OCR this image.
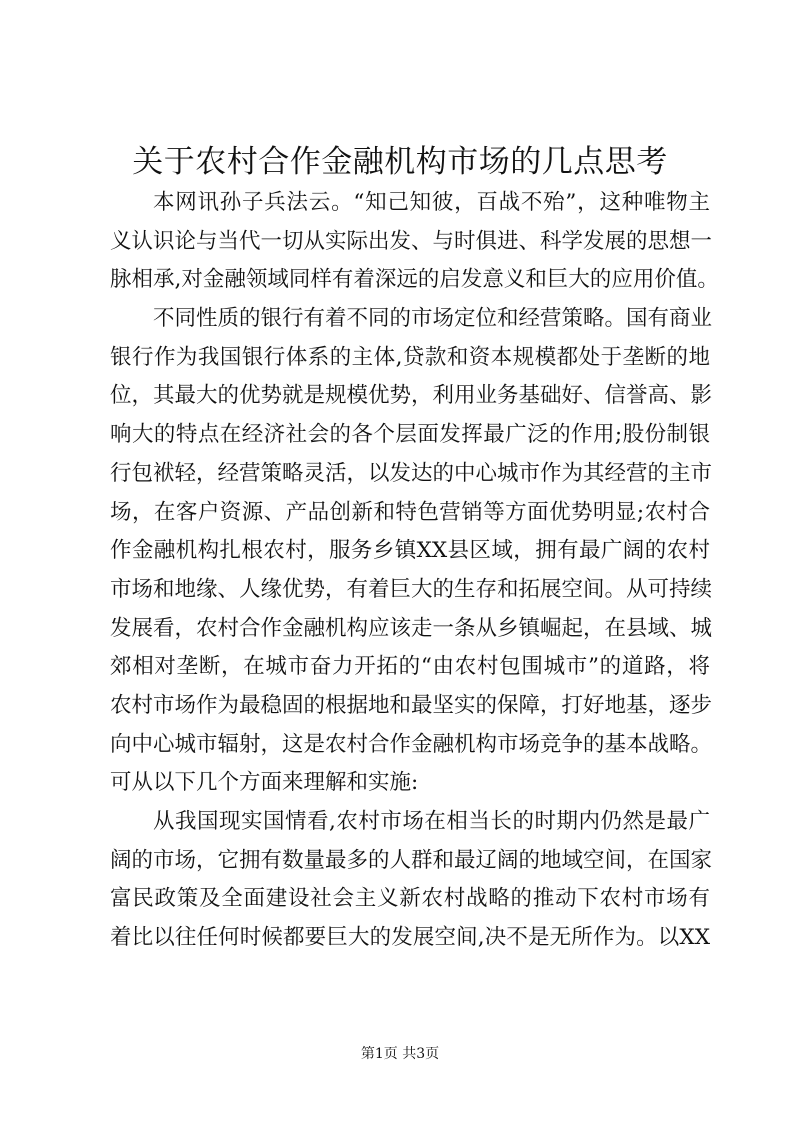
关于农村合作金融机构市场的几点思考
本网讯孙子兵法云。“知己知彼，百战不殆”，这种唯物主
义认识论与当代一切从实际出发、与时俱进、科学发展的思想一
脉相承,对金融领域同样有着深远的启发意义和巨大的应用价值。
不同性质的银行有着不同的市场定位和经营策略。国有商业
银行作为我国银行体系的主体,贷款和资本规模都处于垄断的地
位，其最大的优势就是规模优势，利用业务基础好、信誉高、影
响大的特点在经济社会的各个层面发挥最广泛的作用;股份制银
行包袱轻，经营策略灵活，以发达的中心城市作为其经营的主市
场，在客户资源、产品创新和特色营销等方面优势明显;农村合
作金融机构扎根农村，服务乡镇XX县区域，拥有最广阔的农村
市场和地缘、人缘优势，有着巨大的生存和拓展空间。从可持续
发展看，农村合作金融机构应该走一条从乡镇崛起，在县域、城
郊相对垄断，在城市奋力开拓的“由农村包围城市”的道路，将
农村市场作为最稳固的根据地和最坚实的保障，打好地基，逐步
向中心城市辐射，这是农村合作金融机构市场竞争的基本战略。
可从以下几个方面来理解和实施:
从我国现实国情看,农村市场在相当长的时期内仍然是最广
阔的市场，它拥有数量最多的人群和最辽阔的地域空间，在国家
富民政策及全面建设社会主义新农村战略的推动下农村市场有
着比以往任何时候都要巨大的发展空间,决不是无所作为。以XX
第1页 共3页
